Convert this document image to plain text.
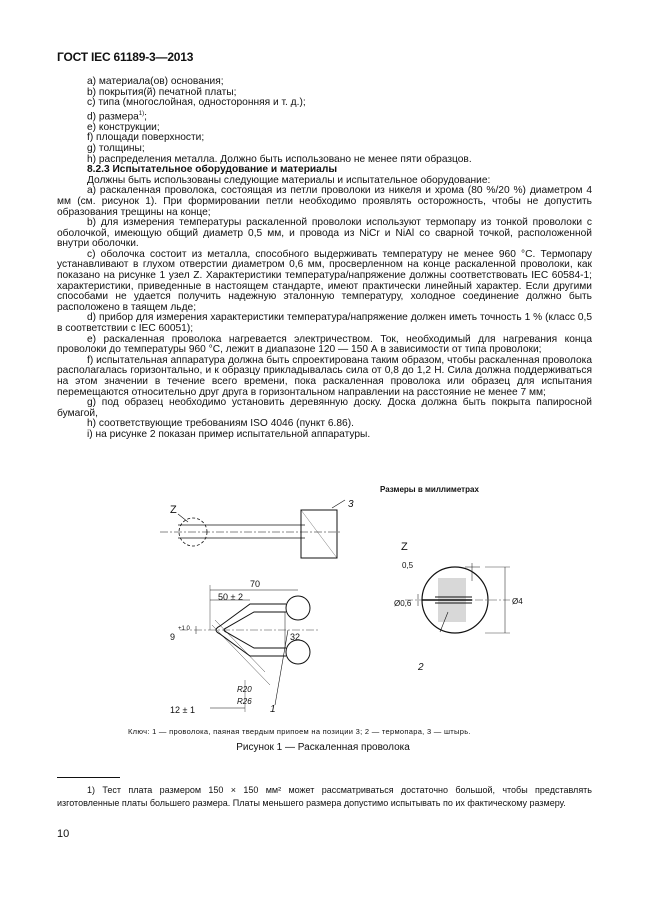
ГОСТ IEC 61189-3—2013

a) материала(ов) основания;

b) покрытия(й) печатной платы;

c) типа (многослойная, односторонняя и т. д.);

d) размера$^{1)}$;

e) конструкции;

f) площади поверхности;

g) толщины;

h) распределения металла. Должно быть использовано не менее пяти образцов.

8.2.3 Испытательное оборудование и материалы

Должны быть использованы следующие материалы и испытательное оборудование:

a) раскаленная проволока, состоящая из петли проволоки из никеля и хрома (80 %/20 %) диаметром 4 мм (см. рисунок 1). При формировании петли необходимо проявлять осторожность, чтобы не допустить образования трещины на конце;

b) для измерения температуры раскаленной проволоки используют термопару из тонкой проволоки с оболочкой, имеющую общий диаметр 0,5 мм, и провода из NiCr и NiAl со сварной точкой, расположенной внутри оболочки.

c) оболочка состоит из металла, способного выдерживать температуру не менее 960 °С. Термопару устанавливают в глухом отверстии диаметром 0,6 мм, просверленном на конце раскаленной проволоки, как показано на рисунке 1 узел Z. Характеристики температура/напряжение должны соответствовать IEC 60584-1; характеристики, приведенные в настоящем стандарте, имеют практически линейный характер. Если другими способами не удается получить надежную эталонную температуру, холодное соединение должно быть расположено в таящем льде;

d) прибор для измерения характеристики температура/напряжение должен иметь точность 1 % (класс 0,5 в соответствии с IEC 60051);

e) раскаленная проволока нагревается электричеством. Ток, необходимый для нагревания конца проволоки до температуры 960 °С, лежит в диапазоне 120 — 150 А в зависимости от типа проволоки;

f) испытательная аппаратура должна быть спроектирована таким образом, чтобы раскаленная проволока располагалась горизонтально, и к образцу прикладывалась сила от 0,8 до 1,2 Н. Сила должна поддерживаться на этом значении в течение всего времени, пока раскаленная проволока или образец для испытания перемещаются относительно друг друга в горизонтальном направлении на расстояние не менее 7 мм;

g) под образец необходимо установить деревянную доску. Доска должна быть покрыта папиросной бумагой,

h) соответствующие требованиям ISO 4046 (пункт 6.86).

i) на рисунке 2 показан пример испытательной аппаратуры.

Размеры в миллиметрах
Z	3
70
50 ± 2
9
+1 0
32
R20
R26
12 ± 1	1
Z
0,5
Ø0,6	Ø4
2
Ключ: 1 — проволока, паяная твердым припоем на позиции 3; 2 — термопара, 3 — штырь.
Рисунок 1 — Раскаленная проволока
1) Тест плата размером 150 × 150 мм² может рассматриваться достаточно большой, чтобы представлять изготовленные платы большего размера. Платы меньшего размера допустимо испытывать по их фактическому размеру.
10
